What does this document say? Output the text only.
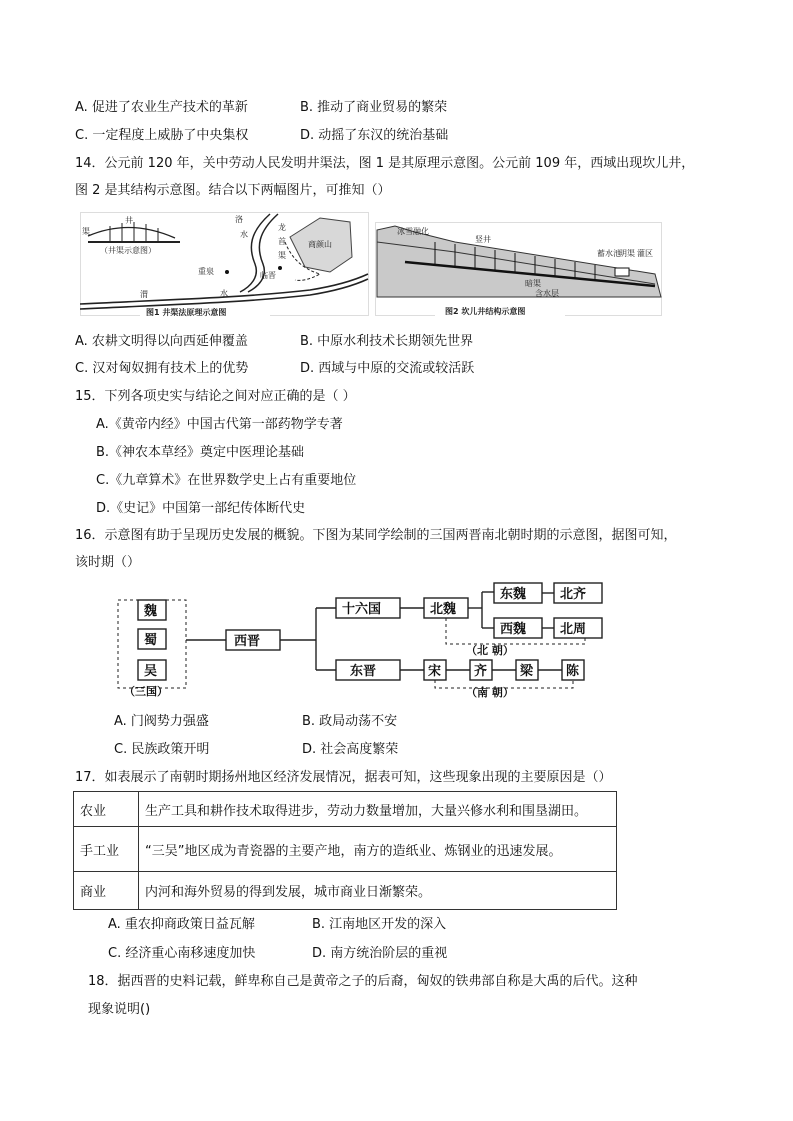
A. 促进了农业生产技术的革新	B. 推动了商业贸易的繁荣
C. 一定程度上威胁了中央集权	D. 动摇了东汉的统治基础
14．公元前 120 年，关中劳动人民发明井渠法，图 1 是其原理示意图。公元前 109 年，西域出现坎儿井，
图 2 是其结构示意图。结合以下两幅图片，可推知（）
渠
井
（井渠示意图）
洛
水
龙
首
渠
商颜山
重泉	临晋
渭	水
图1 井渠法原理示意图
冰雪融化
竖井
暗渠
含水层
蓄水池
明渠 灌区
图2 坎儿井结构示意图
A. 农耕文明得以向西延伸覆盖	B. 中原水利技术长期领先世界
C. 汉对匈奴拥有技术上的优势	D. 西域与中原的交流或较活跃
15．下列各项史实与结论之间对应正确的是（ ）
A.《黄帝内经》中国古代第一部药物学专著
B.《神农本草经》奠定中医理论基础
C.《九章算术》在世界数学史上占有重要地位
D.《史记》中国第一部纪传体断代史
16．示意图有助于呈现历史发展的概貌。下图为某同学绘制的三国两晋南北朝时期的示意图，据图可知，
该时期（）
魏
蜀
吴
（三国）
西晋
十六国	北魏
东魏	北齐
西魏	北周
（北 朝）
东晋	宋	齐	梁	陈
（南 朝）
A. 门阀势力强盛	B. 政局动荡不安
C. 民族政策开明	D. 社会高度繁荣
17．如表展示了南朝时期扬州地区经济发展情况，据表可知，这些现象出现的主要原因是（）
农业	生产工具和耕作技术取得进步，劳动力数量增加，大量兴修水利和围垦湖田。
手工业	“三吴”地区成为青瓷器的主要产地，南方的造纸业、炼钢业的迅速发展。
商业	内河和海外贸易的得到发展，城市商业日渐繁荣。
A. 重农抑商政策日益瓦解	B. 江南地区开发的深入
C. 经济重心南移速度加快	D. 南方统治阶层的重视
18．据西晋的史料记载，鲜卑称自己是黄帝之子的后裔，匈奴的铁弗部自称是大禹的后代。这种
现象说明()
